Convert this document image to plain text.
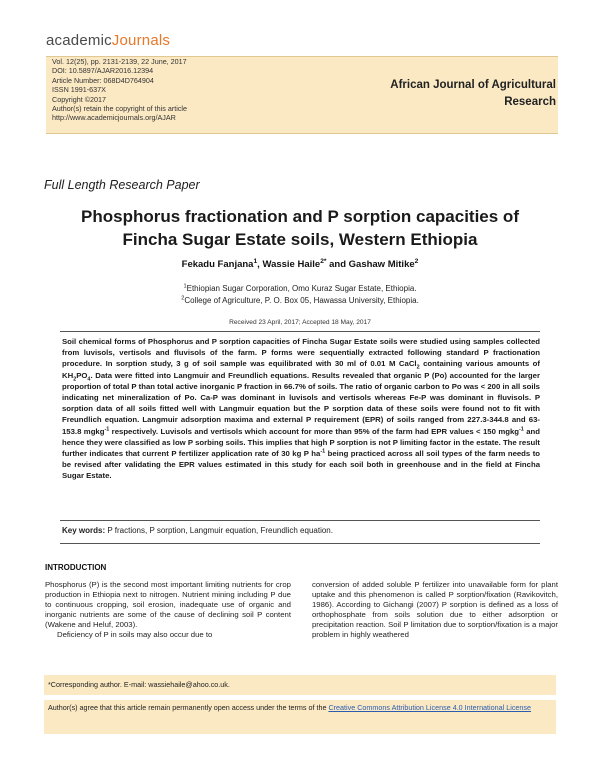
academicJournals
Vol. 12(25), pp. 2131-2139, 22 June, 2017
DOI: 10.5897/AJAR2016.12394
Article Number: 068D4D764904
ISSN 1991-637X
Copyright ©2017
Author(s) retain the copyright of this article
http://www.academicjournals.org/AJAR
African Journal of Agricultural
Research
Full Length Research Paper
Phosphorus fractionation and P sorption capacities of
Fincha Sugar Estate soils, Western Ethiopia
Fekadu Fanjana$^1$, Wassie Haile$^{2*}$ and Gashaw Mitike$^2$
$^1$Ethiopian Sugar Corporation, Omo Kuraz Sugar Estate, Ethiopia.
$^2$College of Agriculture, P. O. Box 05, Hawassa University, Ethiopia.
Received 23 April, 2017; Accepted 18 May, 2017
Soil chemical forms of Phosphorus and P sorption capacities of Fincha Sugar Estate soils were studied using samples collected from luvisols, vertisols and fluvisols of the farm. P forms were sequentially extracted following standard P fractionation procedure. In sorption study, 3 g of soil sample was equilibrated with 30 ml of 0.01 M CaCl$_2$ containing various amounts of $KH_2PO_4$. Data were fitted into Langmuir and Freundlich equations. Results revealed that organic P (Po) accounted for the larger proportion of total P than total active inorganic P fraction in 66.7% of soils. The ratio of organic carbon to Po was < 200 in all soils indicating net mineralization of Po. Ca-P was dominant in luvisols and vertisols whereas Fe-P was dominant in fluvisols. P sorption data of all soils fitted well with Langmuir equation but the P sorption data of these soils were found not to fit with Freundlich equation. Langmuir adsorption maxima and external P requirement (EPR) of soils ranged from 227.3-344.8 and 63-153.8 mgkg$^{-1}$ respectively. Luvisols and vertisols which account for more than 95% of the farm had EPR values < 150 mgkg$^{-1}$ and hence they were classified as low P sorbing soils. This implies that high P sorption is not P limiting factor in the estate. The result further indicates that current P fertilizer application rate of 30 kg P $ha^{-1}$ being practiced across all soil types of the farm needs to be revised after validating the EPR values estimated in this study for each soil both in greenhouse and in the field at Fincha Sugar Estate.
Key words: P fractions, P sorption, Langmuir equation, Freundlich equation.
INTRODUCTION

Phosphorus (P) is the second most important limiting nutrients for crop production in Ethiopia next to nitrogen. Nutrient mining including P due to continuous cropping, soil erosion, inadequate use of organic and inorganic nutrients are some of the cause of declining soil P content (Wakene and Heluf, 2003).

Deficiency of P in soils may also occur due to

conversion of added soluble P fertilizer into unavailable form for plant uptake and this phenomenon is called P sorption/fixation (Ravikovitch, 1986). According to Gichangi (2007) P sorption is defined as a loss of orthophosphate from soils solution due to either adsorption or precipitation reaction. Soil P limitation due to sorption/fixation is a major problem in highly weathered

*Corresponding author. E-mail: wassiehaile@ahoo.co.uk.
Author(s) agree that this article remain permanently open access under the terms of the Creative Commons Attribution License 4.0 International License
